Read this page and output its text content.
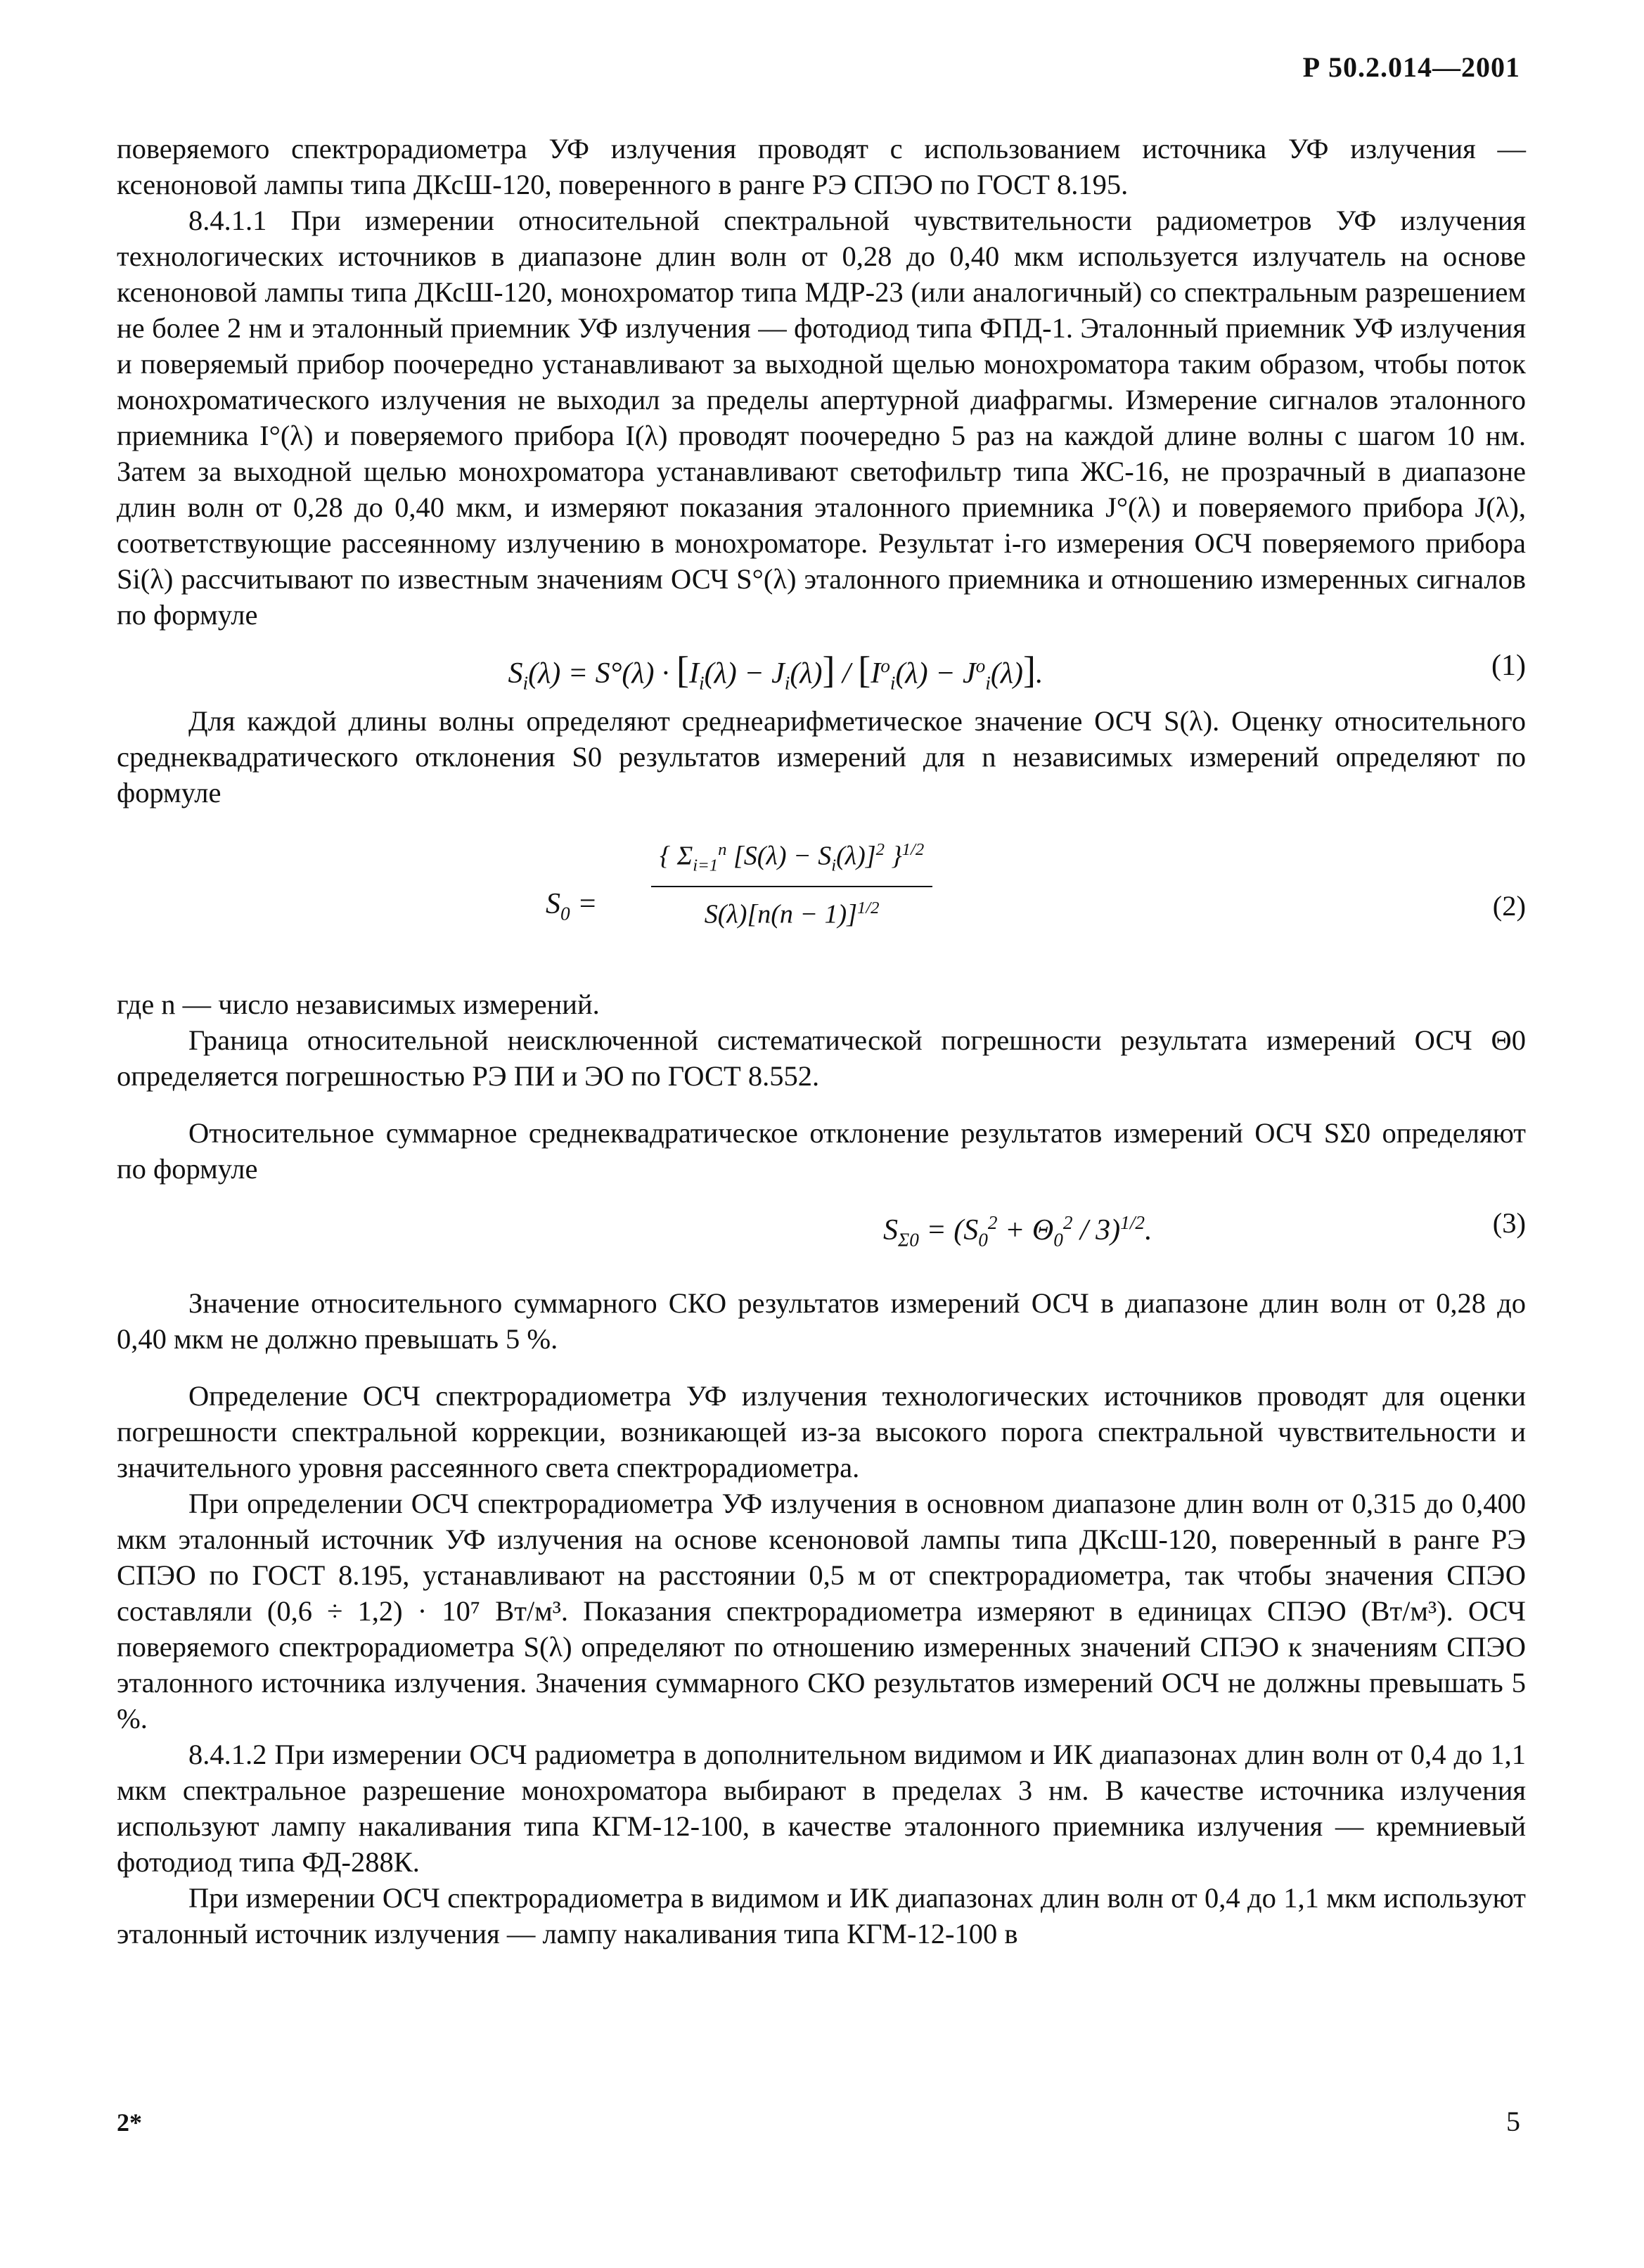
Р 50.2.014—2001

поверяемого спектрорадиометра УФ излучения проводят с использованием источника УФ излучения — ксеноновой лампы типа ДКсШ-120, поверенного в ранге РЭ СПЭО по ГОСТ 8.195.

8.4.1.1 При измерении относительной спектральной чувствительности радиометров УФ излучения технологических источников в диапазоне длин волн от 0,28 до 0,40 мкм используется излучатель на основе ксеноновой лампы типа ДКсШ-120, монохроматор типа МДР-23 (или аналогичный) со спектральным разрешением не более 2 нм и эталонный приемник УФ излучения — фотодиод типа ФПД-1. Эталонный приемник УФ излучения и поверяемый прибор поочередно устанавливают за выходной щелью монохроматора таким образом, чтобы поток монохроматического излучения не выходил за пределы апертурной диафрагмы. Измерение сигналов эталонного приемника I°(λ) и поверяемого прибора I(λ) проводят поочередно 5 раз на каждой длине волны с шагом 10 нм. Затем за выходной щелью монохроматора устанавливают светофильтр типа ЖС-16, не прозрачный в диапазоне длин волн от 0,28 до 0,40 мкм, и измеряют показания эталонного приемника J°(λ) и поверяемого прибора J(λ), соответствующие рассеянному излучению в монохроматоре. Результат i-го измерения ОСЧ поверяемого прибора Si(λ) рассчитывают по известным значениям ОСЧ S°(λ) эталонного приемника и отношению измеренных сигналов по формуле

$S_i(\lambda) = S^\circ(\lambda) \cdot [I_i(\lambda) - J_i(\lambda)] / [I^o_i(\lambda) - J^o_i(\lambda)]$.	(1)

Для каждой длины волны определяют среднеарифметическое значение ОСЧ S(λ). Оценку относительного среднеквадратического отклонения S0 результатов измерений для n независимых измерений определяют по формуле

$S_0 = \frac{\{ \Sigma_{i=1}^n [S(\lambda) - S_i(\lambda)]^2 \}^{1/2}}{S(\lambda)[n(n - 1)]^{1/2}}$	(2)

где n — число независимых измерений.

Граница относительной неисключенной систематической погрешности результата измерений ОСЧ Θ0 определяется погрешностью РЭ ПИ и ЭО по ГОСТ 8.552.

Относительное суммарное среднеквадратическое отклонение результатов измерений ОСЧ SΣ0 определяют по формуле

$S_{\Sigma 0} = (S_0^2 + \Theta_0^2 / 3)^{1/2}$.	(3)

Значение относительного суммарного СКО результатов измерений ОСЧ в диапазоне длин волн от 0,28 до 0,40 мкм не должно превышать 5 %.

Определение ОСЧ спектрорадиометра УФ излучения технологических источников проводят для оценки погрешности спектральной коррекции, возникающей из-за высокого порога спектральной чувствительности и значительного уровня рассеянного света спектрорадиометра.

При определении ОСЧ спектрорадиометра УФ излучения в основном диапазоне длин волн от 0,315 до 0,400 мкм эталонный источник УФ излучения на основе ксеноновой лампы типа ДКсШ-120, поверенный в ранге РЭ СПЭО по ГОСТ 8.195, устанавливают на расстоянии 0,5 м от спектрорадиометра, так чтобы значения СПЭО составляли (0,6 ÷ 1,2) · 10⁷ Вт/м³. Показания спектрорадиометра измеряют в единицах СПЭО (Вт/м³). ОСЧ поверяемого спектрорадиометра S(λ) определяют по отношению измеренных значений СПЭО к значениям СПЭО эталонного источника излучения. Значения суммарного СКО результатов измерений ОСЧ не должны превышать 5 %.

8.4.1.2 При измерении ОСЧ радиометра в дополнительном видимом и ИК диапазонах длин волн от 0,4 до 1,1 мкм спектральное разрешение монохроматора выбирают в пределах 3 нм. В качестве источника излучения используют лампу накаливания типа КГМ-12-100, в качестве эталонного приемника излучения — кремниевый фотодиод типа ФД-288К.

При измерении ОСЧ спектрорадиометра в видимом и ИК диапазонах длин волн от 0,4 до 1,1 мкм используют эталонный источник излучения — лампу накаливания типа КГМ-12-100 в

2*	5
